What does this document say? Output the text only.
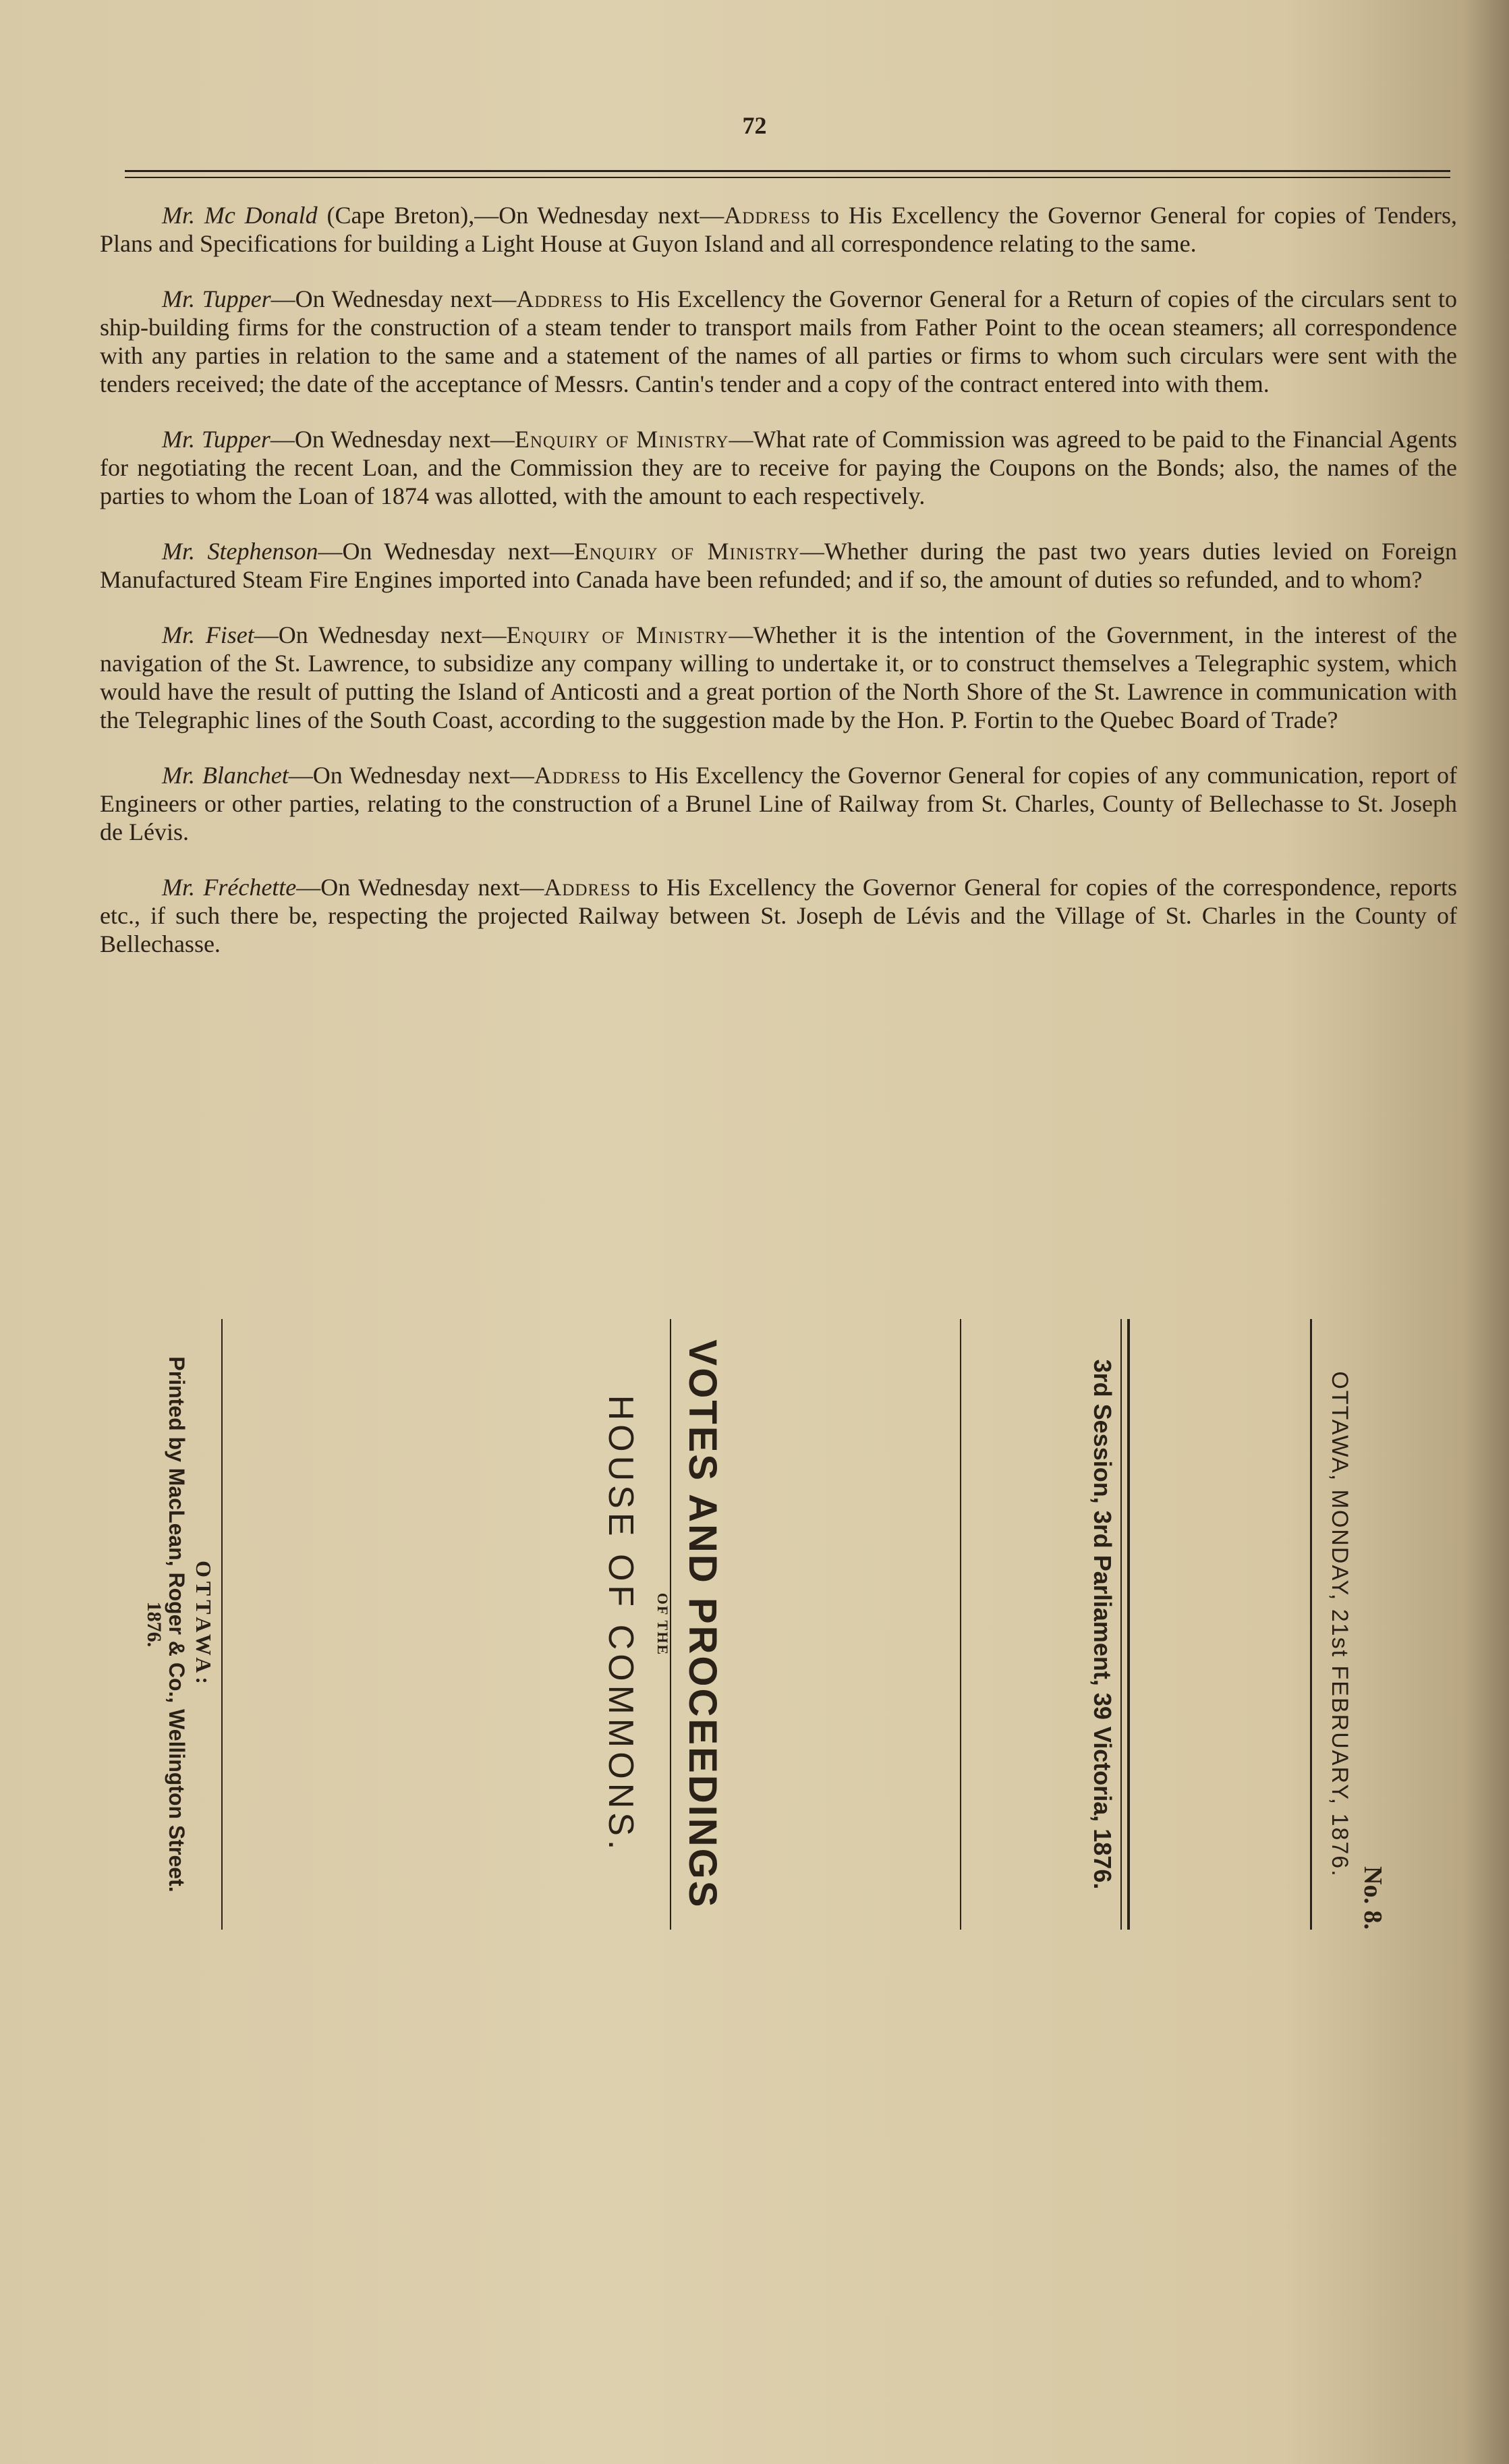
72

Mr. Mc Donald (Cape Breton),—On Wednesday next—Address to His Excellency the Governor General for copies of Tenders, Plans and Specifications for building a Light House at Guyon Island and all correspondence relating to the same.

Mr. Tupper—On Wednesday next—Address to His Excellency the Governor General for a Return of copies of the circulars sent to ship-building firms for the construction of a steam tender to transport mails from Father Point to the ocean steamers; all correspondence with any parties in relation to the same and a statement of the names of all parties or firms to whom such circulars were sent with the tenders received; the date of the acceptance of Messrs. Cantin's tender and a copy of the contract entered into with them.

Mr. Tupper—On Wednesday next—Enquiry of Ministry—What rate of Commission was agreed to be paid to the Financial Agents for negotiating the recent Loan, and the Commission they are to receive for paying the Coupons on the Bonds; also, the names of the parties to whom the Loan of 1874 was allotted, with the amount to each respectively.

Mr. Stephenson—On Wednesday next—Enquiry of Ministry—Whether during the past two years duties levied on Foreign Manufactured Steam Fire Engines imported into Canada have been refunded; and if so, the amount of duties so refunded, and to whom?

Mr. Fiset—On Wednesday next—Enquiry of Ministry—Whether it is the intention of the Government, in the interest of the navigation of the St. Lawrence, to subsidize any company willing to undertake it, or to construct themselves a Telegraphic system, which would have the result of putting the Island of Anticosti and a great portion of the North Shore of the St. Lawrence in communication with the Telegraphic lines of the South Coast, according to the suggestion made by the Hon. P. Fortin to the Quebec Board of Trade?

Mr. Blanchet—On Wednesday next—Address to His Excellency the Governor General for copies of any communication, report of Engineers or other parties, relating to the construction of a Brunel Line of Railway from St. Charles, County of Bellechasse to St. Joseph de Lévis.

Mr. Fréchette—On Wednesday next—Address to His Excellency the Governor General for copies of the correspondence, reports etc., if such there be, respecting the projected Railway between St. Joseph de Lévis and the Village of St. Charles in the County of Bellechasse.

No. 8.
OTTAWA, MONDAY, 21st FEBRUARY, 1876.
3rd Session, 3rd Parliament, 39 Victoria, 1876.
VOTES AND PROCEEDINGS
OF THE
HOUSE OF COMMONS.
OTTAWA:
Printed by MacLean, Roger & Co., Wellington Street.
1876.
